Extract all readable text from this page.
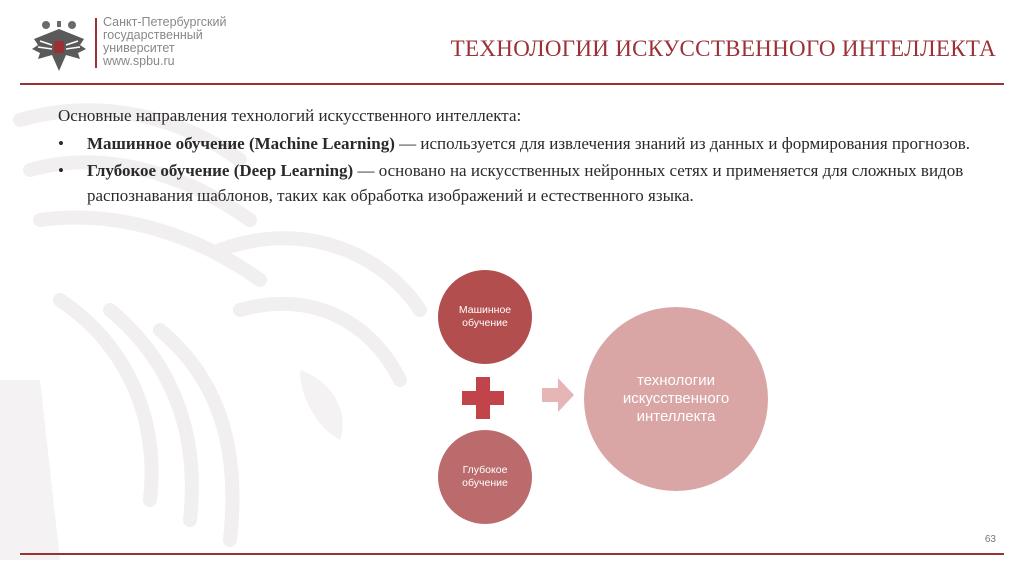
Санкт-Петербургский
государственный
университет
www.spbu.ru	ТЕХНОЛОГИИ ИСКУССТВЕННОГО ИНТЕЛЛЕКТА

Основные направления технологий искусственного интеллекта:

• Машинное обучение (Machine Learning) — используется для извлечения знаний из данных и формирования прогнозов.

• Глубокое обучение (Deep Learning) — основано на искусственных нейронных сетях и применяется для сложных видов распознавания шаблонов, таких как обработка изображений и естественного языка.

Машинное обучение
Глубокое обучение
технологии искусственного интеллекта
63
